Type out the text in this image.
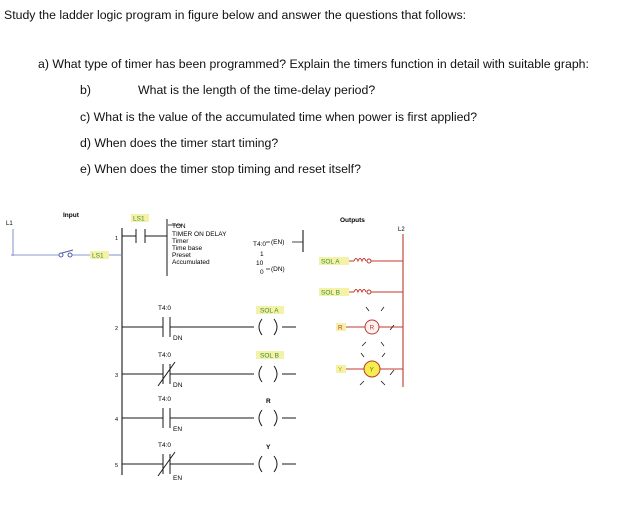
Study the ladder logic program in figure below and answer the questions that follows:
a) What type of timer has been programmed? Explain the timers function in detail with suitable graph:
b)	What is the length of the time-delay period?
c) What is the value of the accumulated time when power is first applied?
d) When does the timer start timing?
e) When does the timer stop timing and reset itself?
L1
L2
Input
Outputs
LS1
1
2
3
4
5
LS1
TON
TIMER ON DELAY
Timer
Time base
Preset
Accumulated
T4:0
1
10
0
(EN)
(DN)
T4:0
DN
SOL A
T4:0
DN
SOL B
T4:0
EN
R
T4:0
EN
Y
SOL A
SOL B
R	R
Y	Y
